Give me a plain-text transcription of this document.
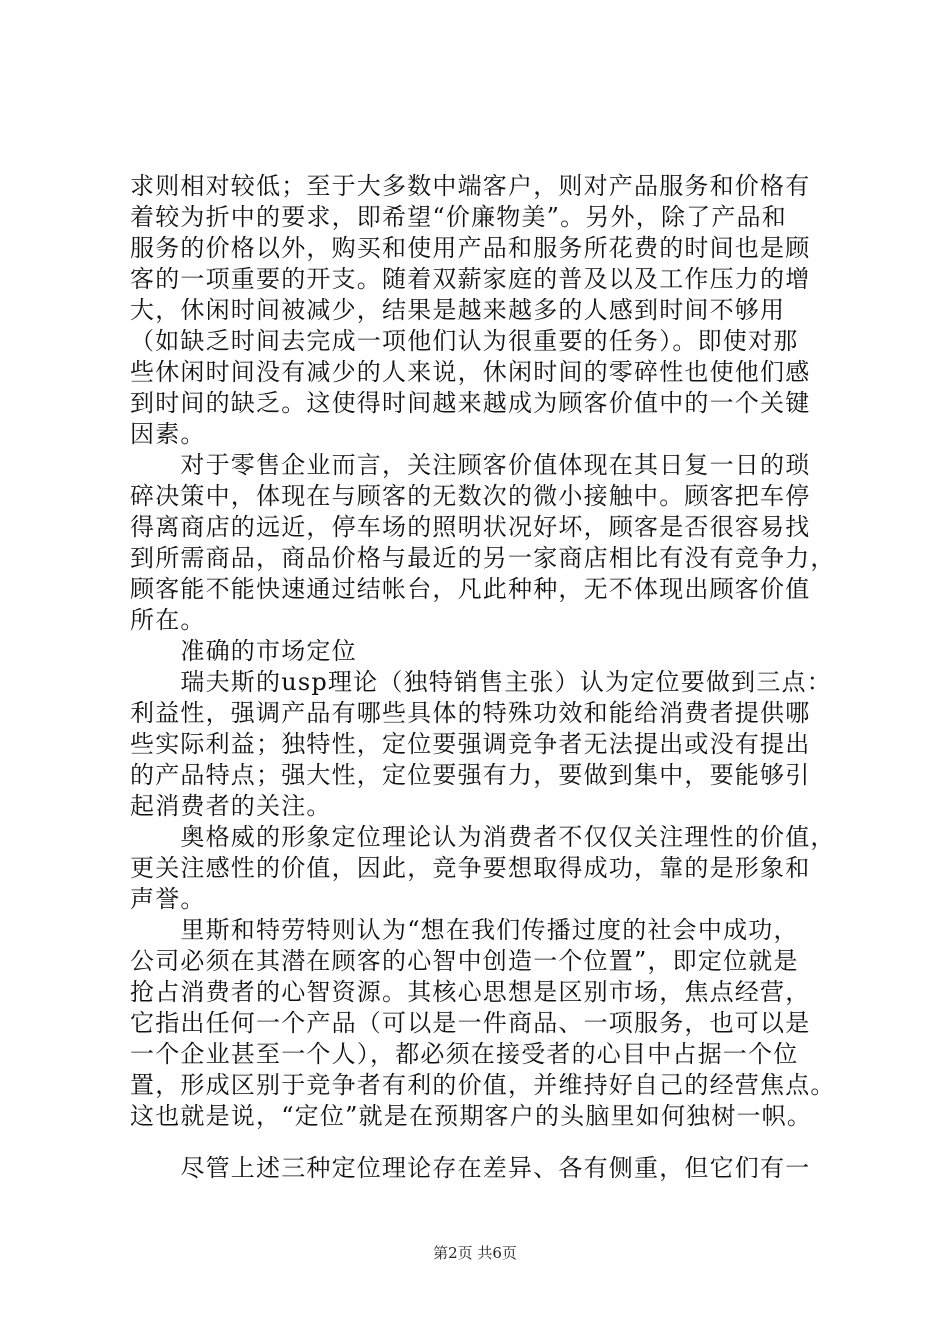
求则相对较低；至于大多数中端客户，则对产品服务和价格有
着较为折中的要求，即希望“价廉物美”。另外，除了产品和
服务的价格以外，购买和使用产品和服务所花费的时间也是顾
客的一项重要的开支。随着双薪家庭的普及以及工作压力的增
大，休闲时间被减少，结果是越来越多的人感到时间不够用
（如缺乏时间去完成一项他们认为很重要的任务）。即使对那
些休闲时间没有减少的人来说，休闲时间的零碎性也使他们感
到时间的缺乏。这使得时间越来越成为顾客价值中的一个关键
因素。
　　对于零售企业而言，关注顾客价值体现在其日复一日的琐
碎决策中，体现在与顾客的无数次的微小接触中。顾客把车停
得离商店的远近，停车场的照明状况好坏，顾客是否很容易找
到所需商品，商品价格与最近的另一家商店相比有没有竞争力，
顾客能不能快速通过结帐台，凡此种种，无不体现出顾客价值
所在。
　　准确的市场定位
　　瑞夫斯的usp理论（独特销售主张）认为定位要做到三点：
利益性，强调产品有哪些具体的特殊功效和能给消费者提供哪
些实际利益；独特性，定位要强调竞争者无法提出或没有提出
的产品特点；强大性，定位要强有力，要做到集中，要能够引
起消费者的关注。
　　奥格威的形象定位理论认为消费者不仅仅关注理性的价值，
更关注感性的价值，因此，竞争要想取得成功，靠的是形象和
声誉。
　　里斯和特劳特则认为“想在我们传播过度的社会中成功，
公司必须在其潜在顾客的心智中创造一个位置”，即定位就是
抢占消费者的心智资源。其核心思想是区别市场，焦点经营，
它指出任何一个产品（可以是一件商品、一项服务，也可以是
一个企业甚至一个人），都必须在接受者的心目中占据一个位
置，形成区别于竞争者有利的价值，并维持好自己的经营焦点。
这也就是说，“定位”就是在预期客户的头脑里如何独树一帜。
　　尽管上述三种定位理论存在差异、各有侧重，但它们有一
第2页 共6页
